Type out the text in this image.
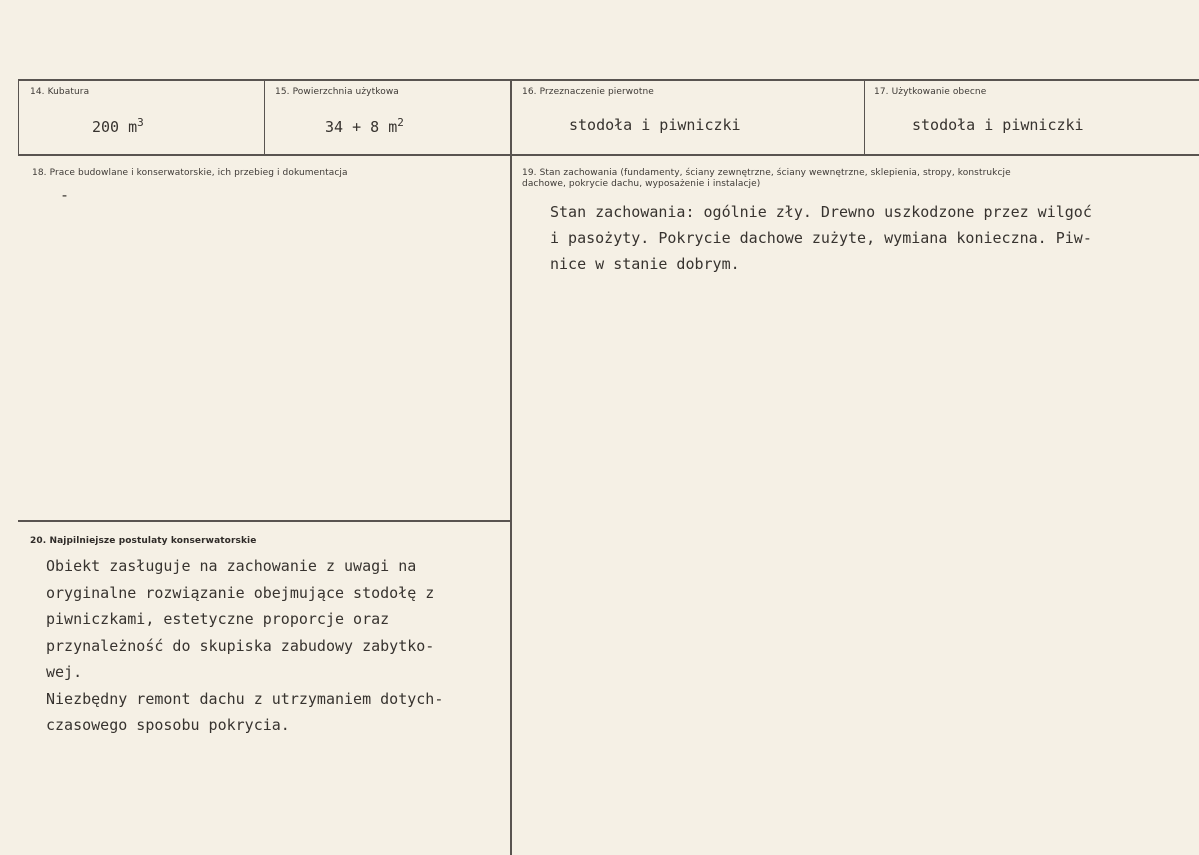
14. Kubatura
200 $m^3$
15. Powierzchnia użytkowa
34 + 8 $m^2$
16. Przeznaczenie pierwotne
stodoła i piwniczki
17. Użytkowanie obecne
stodoła i piwniczki
18. Prace budowlane i konserwatorskie, ich przebieg i dokumentacja
-
19. Stan zachowania (fundamenty, ściany zewnętrzne, ściany wewnętrzne, sklepienia, stropy, konstrukcje dachowe, pokrycie dachu, wyposażenie i instalacje)
Stan zachowania: ogólnie zły. Drewno uszkodzone przez wilgoć
i pasożyty. Pokrycie dachowe zużyte, wymiana konieczna. Piw-
nice w stanie dobrym.
20. Najpilniejsze postulaty konserwatorskie
Obiekt zasługuje na zachowanie z uwagi na
oryginalne rozwiązanie obejmujące stodołę z
piwniczkami, estetyczne proporcje oraz
przynależność do skupiska zabudowy zabytko-
wej.
Niezbędny remont dachu z utrzymaniem dotych-
czasowego sposobu pokrycia.
